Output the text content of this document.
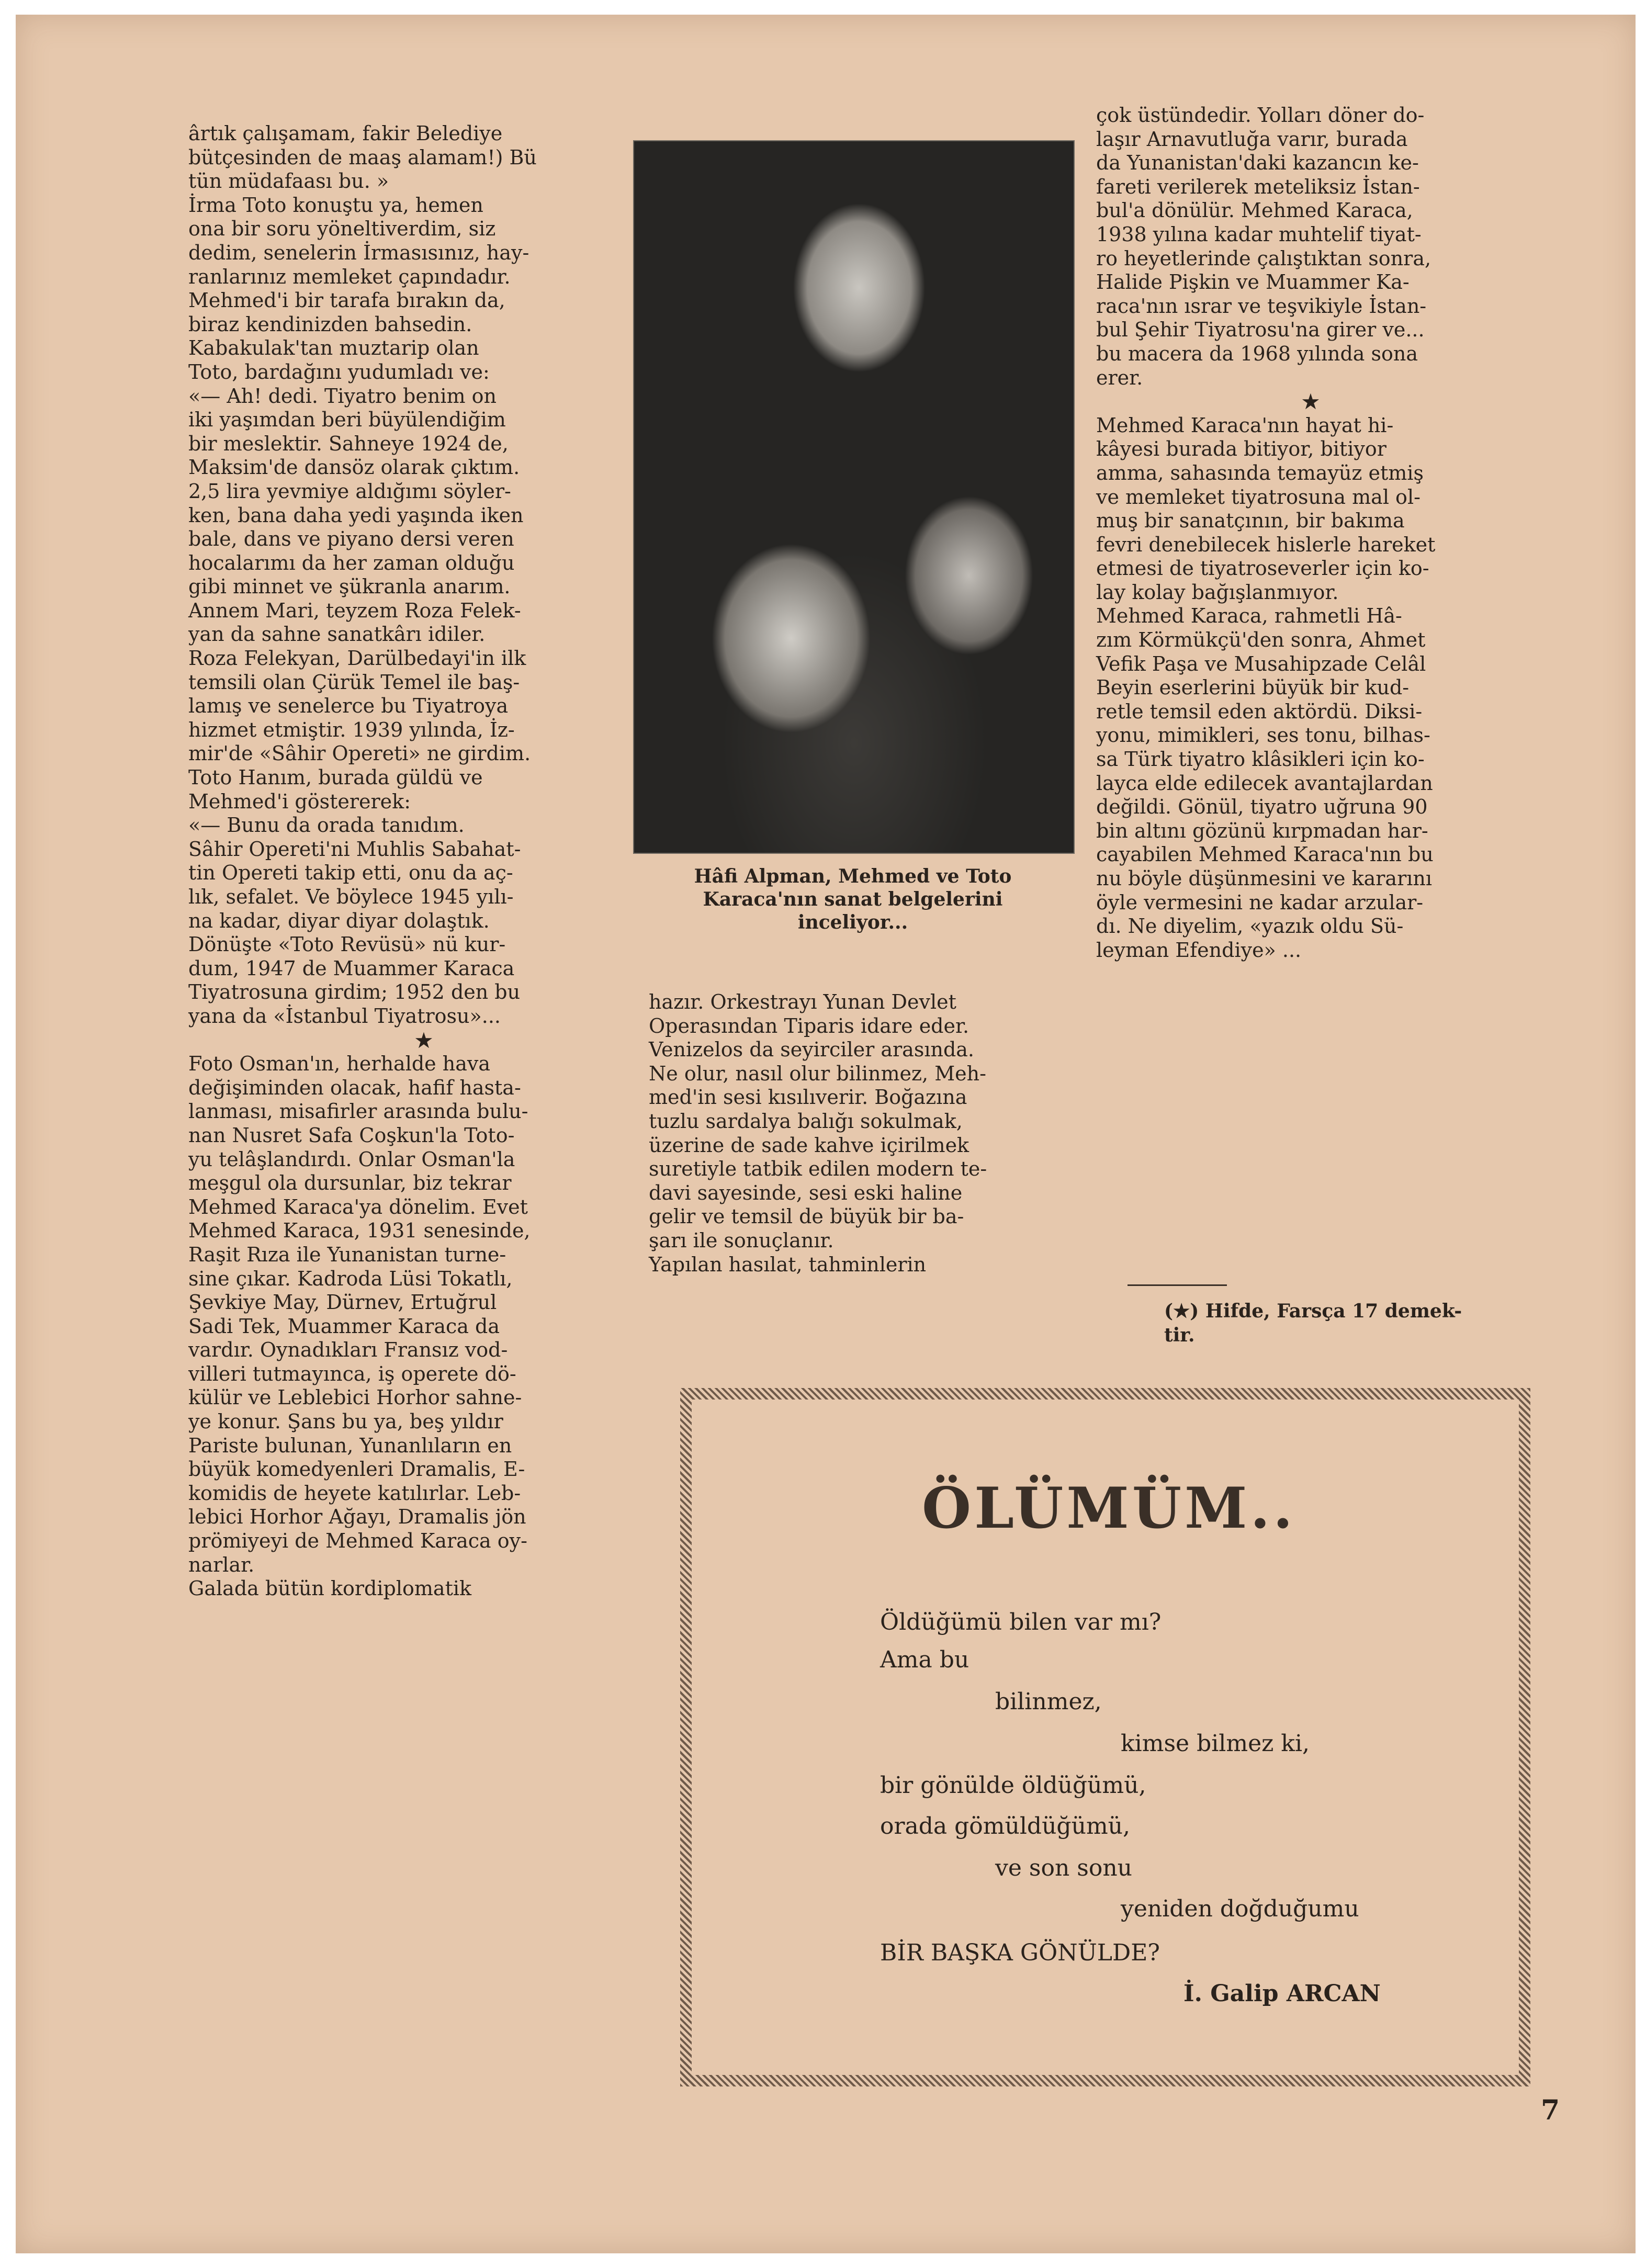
ârtık çalışamam, fakir Belediye
bütçesinden de maaş alamam!) Bü
tün müdafaası bu. »
İrma Toto konuştu ya, hemen
ona bir soru yöneltiverdim, siz
dedim, senelerin İrmasısınız, hay-
ranlarınız memleket çapındadır.
Mehmed'i bir tarafa bırakın da,
biraz kendinizden bahsedin.
Kabakulak'tan muztarip olan
Toto, bardağını yudumladı ve:
«— Ah! dedi. Tiyatro benim on
iki yaşımdan beri büyülendiğim
bir meslektir. Sahneye 1924 de,
Maksim'de dansöz olarak çıktım.
2,5 lira yevmiye aldığımı söyler-
ken, bana daha yedi yaşında iken
bale, dans ve piyano dersi veren
hocalarımı da her zaman olduğu
gibi minnet ve şükranla anarım.
Annem Mari, teyzem Roza Felek-
yan da sahne sanatkârı idiler.
Roza Felekyan, Darülbedayi'in ilk
temsili olan Çürük Temel ile baş-
lamış ve senelerce bu Tiyatroya
hizmet etmiştir. 1939 yılında, İz-
mir'de «Sâhir Opereti» ne girdim.
Toto Hanım, burada güldü ve
Mehmed'i göstererek:
«— Bunu da orada tanıdım.
Sâhir Opereti'ni Muhlis Sabahat-
tin Opereti takip etti, onu da aç-
lık, sefalet. Ve böylece 1945 yılı-
na kadar, diyar diyar dolaştık.
Dönüşte «Toto Revüsü» nü kur-
dum, 1947 de Muammer Karaca
Tiyatrosuna girdim; 1952 den bu
yana da «İstanbul Tiyatrosu»...
★
Foto Osman'ın, herhalde hava
değişiminden olacak, hafif hasta-
lanması, misafirler arasında bulu-
nan Nusret Safa Coşkun'la Toto-
yu telâşlandırdı. Onlar Osman'la
meşgul ola dursunlar, biz tekrar
Mehmed Karaca'ya dönelim. Evet
Mehmed Karaca, 1931 senesinde,
Raşit Rıza ile Yunanistan turne-
sine çıkar. Kadroda Lüsi Tokatlı,
Şevkiye May, Dürnev, Ertuğrul
Sadi Tek, Muammer Karaca da
vardır. Oynadıkları Fransız vod-
villeri tutmayınca, iş operete dö-
külür ve Leblebici Horhor sahne-
ye konur. Şans bu ya, beş yıldır
Pariste bulunan, Yunanlıların en
büyük komedyenleri Dramalis, E-
komidis de heyete katılırlar. Leb-
lebici Horhor Ağayı, Dramalis jön
prömiyeyi de Mehmed Karaca oy-
narlar.
Galada bütün kordiplomatik
Hâfi Alpman, Mehmed ve Toto
Karaca'nın sanat belgelerini
inceliyor...
hazır. Orkestrayı Yunan Devlet
Operasından Tiparis idare eder.
Venizelos da seyirciler arasında.
Ne olur, nasıl olur bilinmez, Meh-
med'in sesi kısılıverir. Boğazına
tuzlu sardalya balığı sokulmak,
üzerine de sade kahve içirilmek
suretiyle tatbik edilen modern te-
davi sayesinde, sesi eski haline
gelir ve temsil de büyük bir ba-
şarı ile sonuçlanır.
Yapılan hasılat, tahminlerin
çok üstündedir. Yolları döner do-
laşır Arnavutluğa varır, burada
da Yunanistan'daki kazancın ke-
fareti verilerek meteliksiz İstan-
bul'a dönülür. Mehmed Karaca,
1938 yılına kadar muhtelif tiyat-
ro heyetlerinde çalıştıktan sonra,
Halide Pişkin ve Muammer Ka-
raca'nın ısrar ve teşvikiyle İstan-
bul Şehir Tiyatrosu'na girer ve...
bu macera da 1968 yılında sona
erer.
★
Mehmed Karaca'nın hayat hi-
kâyesi burada bitiyor, bitiyor
amma, sahasında temayüz etmiş
ve memleket tiyatrosuna mal ol-
muş bir sanatçının, bir bakıma
fevri denebilecek hislerle hareket
etmesi de tiyatroseverler için ko-
lay kolay bağışlanmıyor.
Mehmed Karaca, rahmetli Hâ-
zım Körmükçü'den sonra, Ahmet
Vefik Paşa ve Musahipzade Celâl
Beyin eserlerini büyük bir kud-
retle temsil eden aktördü. Diksi-
yonu, mimikleri, ses tonu, bilhas-
sa Türk tiyatro klâsikleri için ko-
layca elde edilecek avantajlardan
değildi. Gönül, tiyatro uğruna 90
bin altını gözünü kırpmadan har-
cayabilen Mehmed Karaca'nın bu
nu böyle düşünmesini ve kararını
öyle vermesini ne kadar arzular-
dı. Ne diyelim, «yazık oldu Sü-
leyman Efendiye» ...
(★) Hifde, Farsça 17 demek-
tir.
ÖLÜMÜM..
Öldüğümü bilen var mı?
Ama bu
bilinmez,
kimse bilmez ki,
bir gönülde öldüğümü,
orada gömüldüğümü,
ve son sonu
yeniden doğduğumu
BİR BAŞKA GÖNÜLDE?
İ. Galip ARCAN
7
